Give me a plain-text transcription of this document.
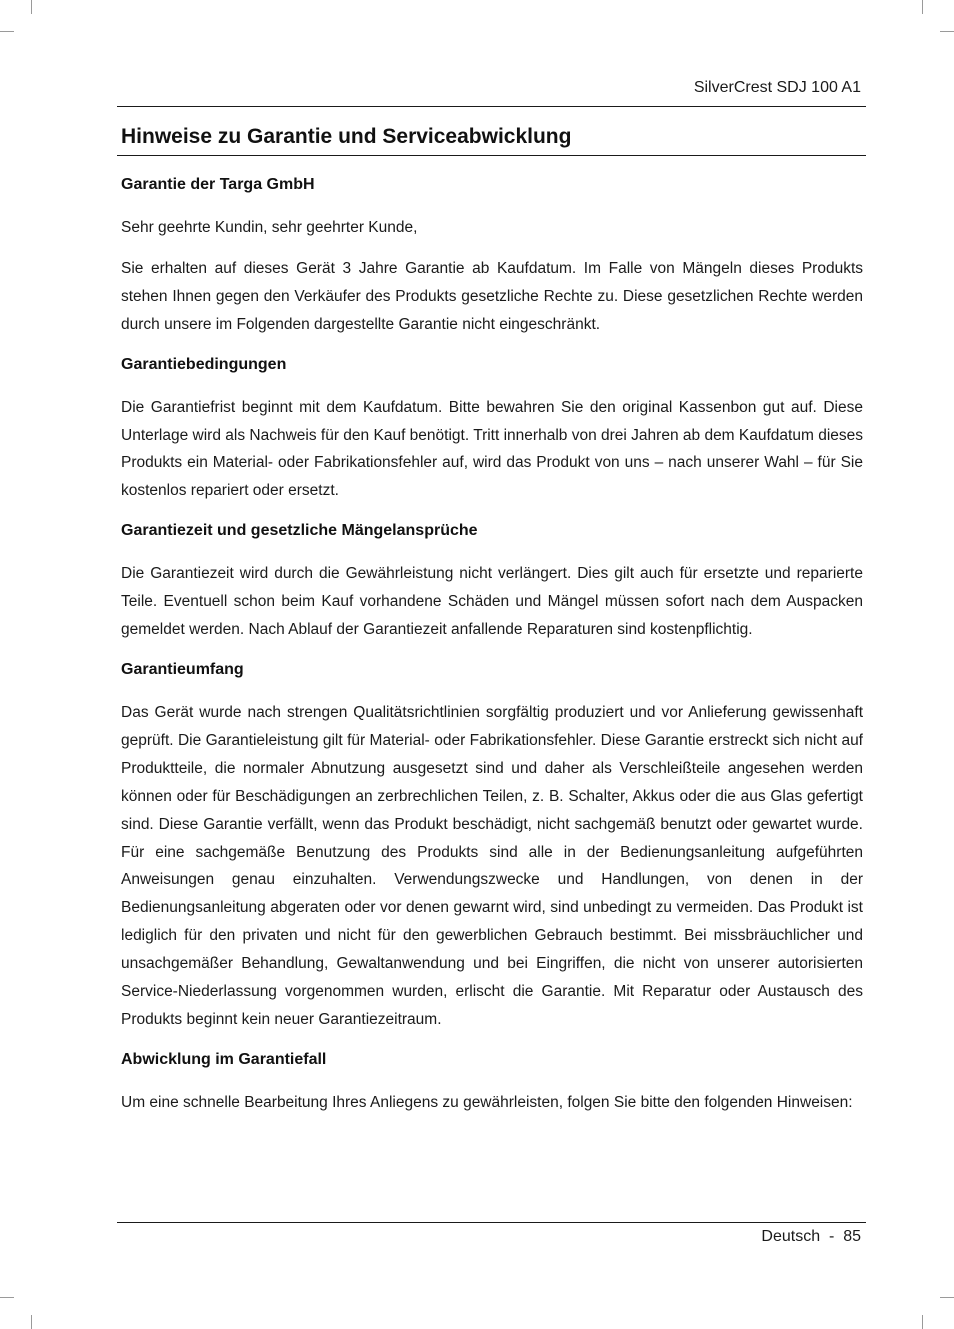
SilverCrest SDJ 100 A1
Hinweise zu Garantie und Serviceabwicklung
Garantie der Targa GmbH

Sehr geehrte Kundin, sehr geehrter Kunde,

Sie erhalten auf dieses Gerät 3 Jahre Garantie ab Kaufdatum. Im Falle von Mängeln dieses Produkts stehen Ihnen gegen den Verkäufer des Produkts gesetzliche Rechte zu. Diese gesetzlichen Rechte werden durch unsere im Folgenden dargestellte Garantie nicht eingeschränkt.

Garantiebedingungen

Die Garantiefrist beginnt mit dem Kaufdatum. Bitte bewahren Sie den original Kassenbon gut auf. Diese Unterlage wird als Nachweis für den Kauf benötigt. Tritt innerhalb von drei Jahren ab dem Kaufdatum dieses Produkts ein Material- oder Fabrikationsfehler auf, wird das Produkt von uns – nach unserer Wahl – für Sie kostenlos repariert oder ersetzt.

Garantiezeit und gesetzliche Mängelansprüche

Die Garantiezeit wird durch die Gewährleistung nicht verlängert. Dies gilt auch für ersetzte und reparierte Teile. Eventuell schon beim Kauf vorhandene Schäden und Mängel müssen sofort nach dem Auspacken gemeldet werden. Nach Ablauf der Garantiezeit anfallende Reparaturen sind kostenpflichtig.

Garantieumfang

Das Gerät wurde nach strengen Qualitätsrichtlinien sorgfältig produziert und vor Anlieferung gewissenhaft geprüft. Die Garantieleistung gilt für Material- oder Fabrikationsfehler. Diese Garantie erstreckt sich nicht auf Produktteile, die normaler Abnutzung ausgesetzt sind und daher als Verschleißteile angesehen werden können oder für Beschädigungen an zerbrechlichen Teilen, z. B. Schalter, Akkus oder die aus Glas gefertigt sind. Diese Garantie verfällt, wenn das Produkt beschädigt, nicht sachgemäß benutzt oder gewartet wurde. Für eine sachgemäße Benutzung des Produkts sind alle in der Bedienungsanleitung aufgeführten Anweisungen genau einzuhalten. Verwendungszwecke und Handlungen, von denen in der Bedienungsanleitung abgeraten oder vor denen gewarnt wird, sind unbedingt zu vermeiden. Das Produkt ist lediglich für den privaten und nicht für den gewerblichen Gebrauch bestimmt. Bei missbräuchlicher und unsachgemäßer Behandlung, Gewaltanwendung und bei Eingriffen, die nicht von unserer autorisierten Service-Niederlassung vorgenommen wurden, erlischt die Garantie. Mit Reparatur oder Austausch des Produkts beginnt kein neuer Garantiezeitraum.

Abwicklung im Garantiefall

Um eine schnelle Bearbeitung Ihres Anliegens zu gewährleisten, folgen Sie bitte den folgenden Hinweisen:

Deutsch - 85
